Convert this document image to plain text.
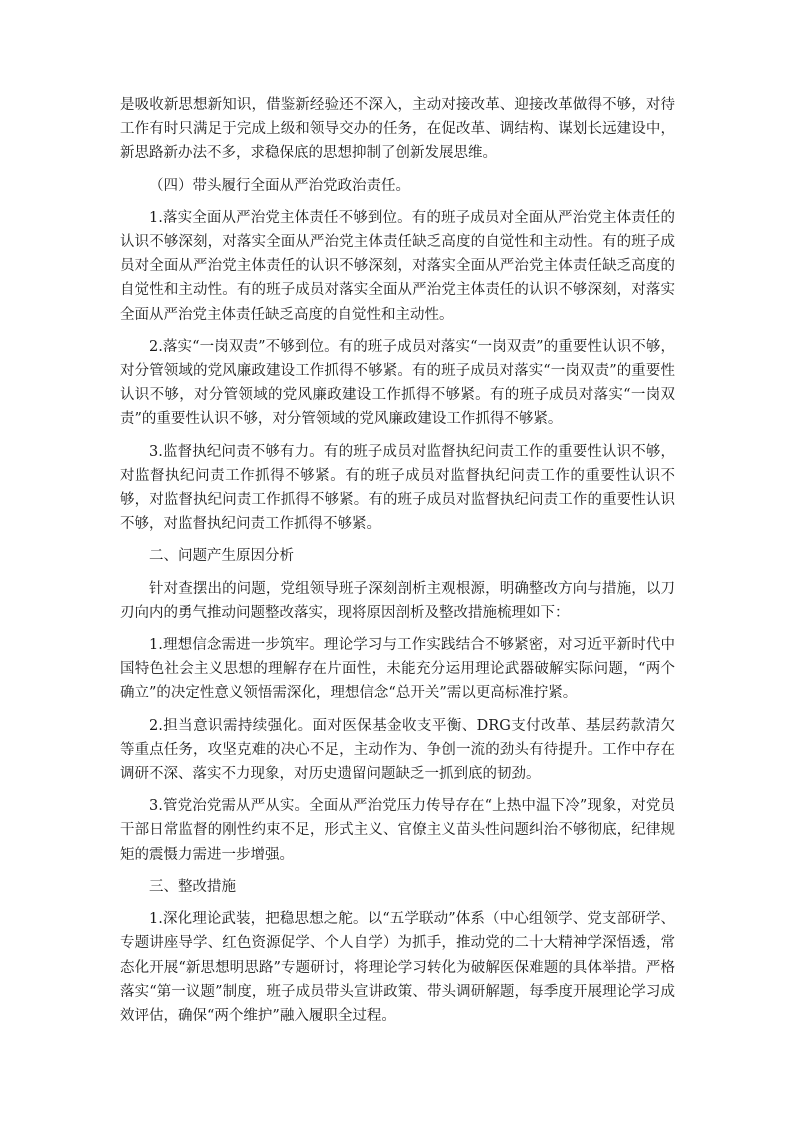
是吸收新思想新知识，借鉴新经验还不深入，主动对接改革、迎接改革做得不够，对待工作有时只满足于完成上级和领导交办的任务，在促改革、调结构、谋划长远建设中，新思路新办法不多，求稳保底的思想抑制了创新发展思维。

（四）带头履行全面从严治党政治责任。

1.落实全面从严治党主体责任不够到位。有的班子成员对全面从严治党主体责任的认识不够深刻，对落实全面从严治党主体责任缺乏高度的自觉性和主动性。有的班子成员对全面从严治党主体责任的认识不够深刻，对落实全面从严治党主体责任缺乏高度的自觉性和主动性。有的班子成员对落实全面从严治党主体责任的认识不够深刻，对落实全面从严治党主体责任缺乏高度的自觉性和主动性。

2.落实“一岗双责”不够到位。有的班子成员对落实“一岗双责”的重要性认识不够，对分管领域的党风廉政建设工作抓得不够紧。有的班子成员对落实“一岗双责”的重要性认识不够，对分管领域的党风廉政建设工作抓得不够紧。有的班子成员对落实“一岗双责”的重要性认识不够，对分管领域的党风廉政建设工作抓得不够紧。

3.监督执纪问责不够有力。有的班子成员对监督执纪问责工作的重要性认识不够，对监督执纪问责工作抓得不够紧。有的班子成员对监督执纪问责工作的重要性认识不够，对监督执纪问责工作抓得不够紧。有的班子成员对监督执纪问责工作的重要性认识不够，对监督执纪问责工作抓得不够紧。

二、问题产生原因分析

针对查摆出的问题，党组领导班子深刻剖析主观根源，明确整改方向与措施，以刀刃向内的勇气推动问题整改落实，现将原因剖析及整改措施梳理如下：

1.理想信念需进一步筑牢。理论学习与工作实践结合不够紧密，对习近平新时代中国特色社会主义思想的理解存在片面性，未能充分运用理论武器破解实际问题，“两个确立”的决定性意义领悟需深化，理想信念“总开关”需以更高标准拧紧。

2.担当意识需持续强化。面对医保基金收支平衡、DRG支付改革、基层药款清欠等重点任务，攻坚克难的决心不足，主动作为、争创一流的劲头有待提升。工作中存在调研不深、落实不力现象，对历史遗留问题缺乏一抓到底的韧劲。

3.管党治党需从严从实。全面从严治党压力传导存在“上热中温下冷”现象，对党员干部日常监督的刚性约束不足，形式主义、官僚主义苗头性问题纠治不够彻底，纪律规矩的震慑力需进一步增强。

三、整改措施

1.深化理论武装，把稳思想之舵。以“五学联动”体系（中心组领学、党支部研学、专题讲座导学、红色资源促学、个人自学）为抓手，推动党的二十大精神学深悟透，常态化开展“新思想明思路”专题研讨，将理论学习转化为破解医保难题的具体举措。严格落实“第一议题”制度，班子成员带头宣讲政策、带头调研解题，每季度开展理论学习成效评估，确保“两个维护”融入履职全过程。
